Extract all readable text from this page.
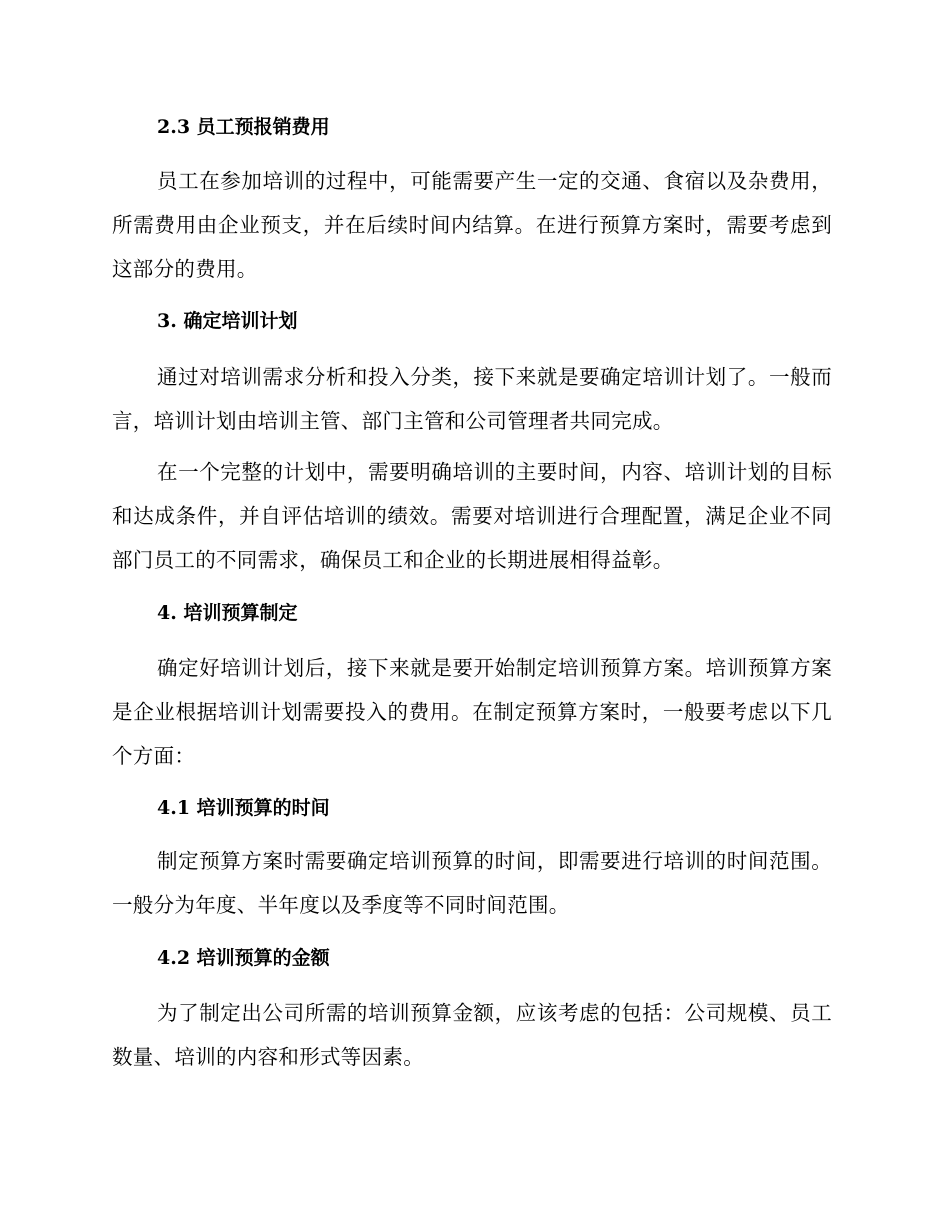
2.3 员工预报销费用
员工在参加培训的过程中，可能需要产生一定的交通、食宿以及杂费用，所需费用由企业预支，并在后续时间内结算。在进行预算方案时，需要考虑到这部分的费用。
3. 确定培训计划
通过对培训需求分析和投入分类，接下来就是要确定培训计划了。一般而言，培训计划由培训主管、部门主管和公司管理者共同完成。
在一个完整的计划中，需要明确培训的主要时间，内容、培训计划的目标和达成条件，并自评估培训的绩效。需要对培训进行合理配置，满足企业不同部门员工的不同需求，确保员工和企业的长期进展相得益彰。
4. 培训预算制定
确定好培训计划后，接下来就是要开始制定培训预算方案。培训预算方案是企业根据培训计划需要投入的费用。在制定预算方案时，一般要考虑以下几个方面：
4.1 培训预算的时间
制定预算方案时需要确定培训预算的时间，即需要进行培训的时间范围。一般分为年度、半年度以及季度等不同时间范围。
4.2 培训预算的金额
为了制定出公司所需的培训预算金额，应该考虑的包括：公司规模、员工数量、培训的内容和形式等因素。
